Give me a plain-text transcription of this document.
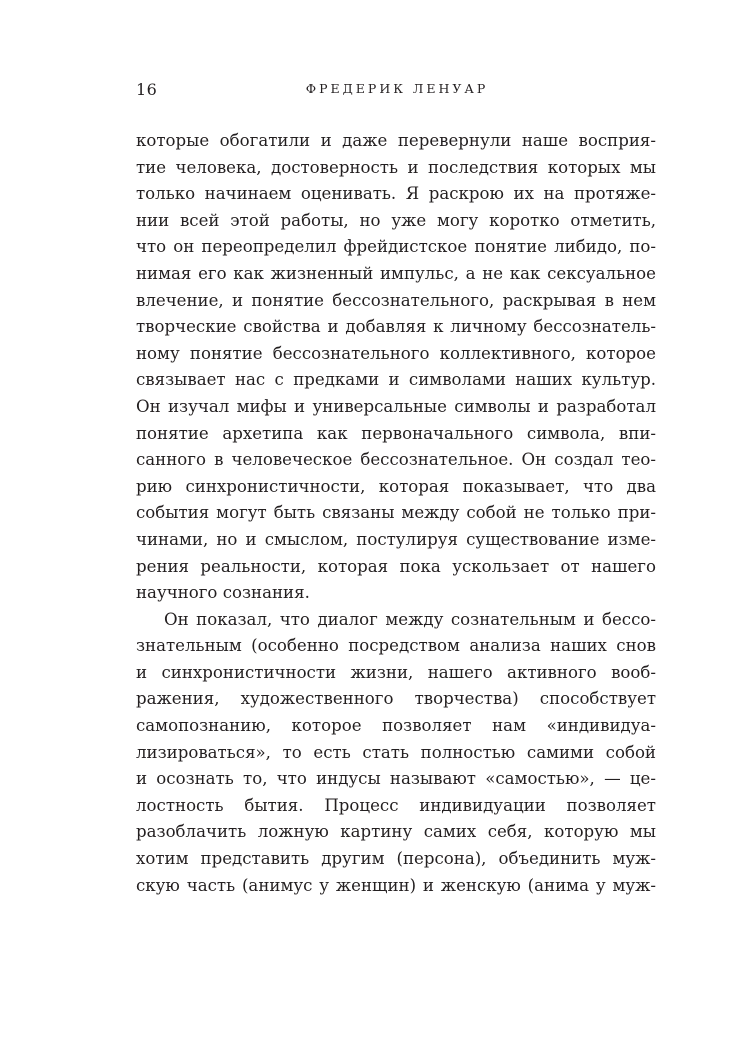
16	ФРЕДЕРИК ЛЕНУАР
которые обогатили и даже перевернули наше восприя-
тие человека, достоверность и последствия которых мы
только начинаем оценивать. Я раскрою их на протяже-
нии всей этой работы, но уже могу коротко отметить,
что он переопределил фрейдистское понятие либидо, по-
нимая его как жизненный импульс, а не как сексуальное
влечение, и понятие бессознательного, раскрывая в нем
творческие свойства и добавляя к личному бессознатель-
ному понятие бессознательного коллективного, которое
связывает нас с предками и символами наших культур.
Он изучал мифы и универсальные символы и разработал
понятие архетипа как первоначального символа, впи-
санного в человеческое бессознательное. Он создал тео-
рию синхронистичности, которая показывает, что два
события могут быть связаны между собой не только при-
чинами, но и смыслом, постулируя существование изме-
рения реальности, которая пока ускользает от нашего
научного сознания.
Он показал, что диалог между сознательным и бессо-
знательным (особенно посредством анализа наших снов
и синхронистичности жизни, нашего активного вооб-
ражения, художественного творчества) способствует
самопознанию, которое позволяет нам «индивидуа-
лизироваться», то есть стать полностью самими собой
и осознать то, что индусы называют «самостью», — це-
лостность бытия. Процесс индивидуации позволяет
разоблачить ложную картину самих себя, которую мы
хотим представить другим (персона), объединить муж-
скую часть (анимус у женщин) и женскую (анима у муж-
